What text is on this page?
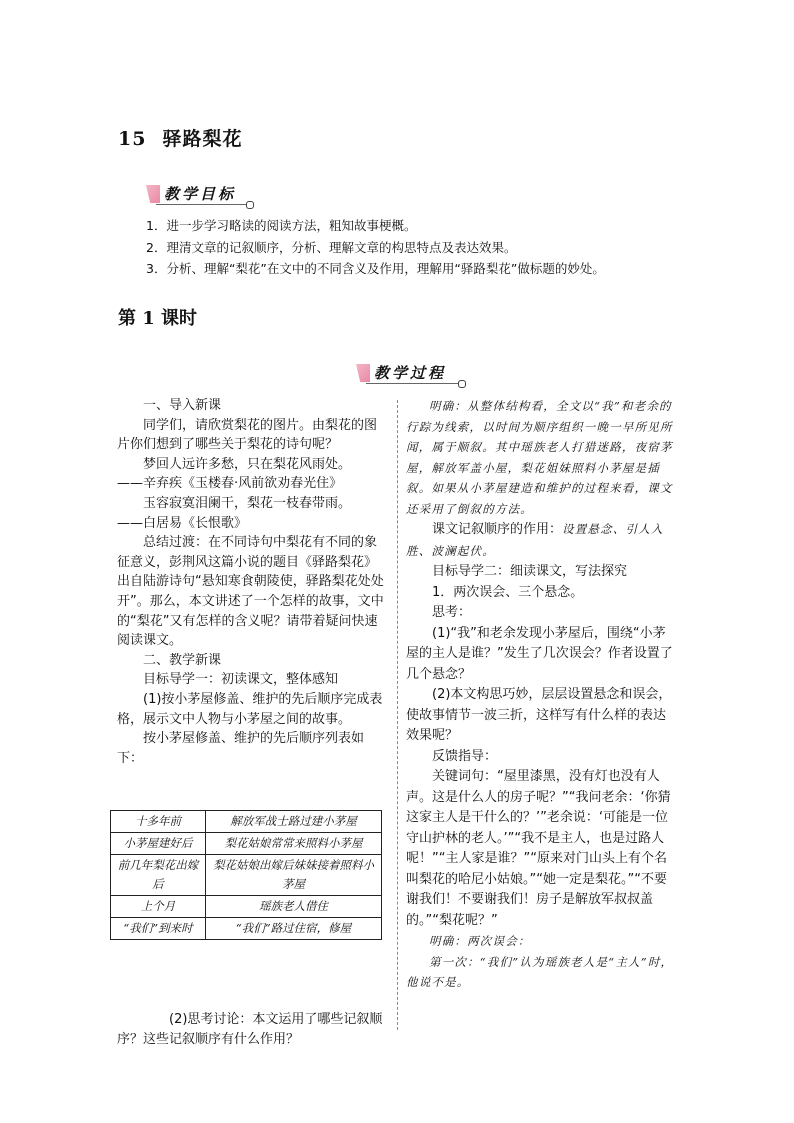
15 驿路梨花
教学目标
1．进一步学习略读的阅读方法，粗知故事梗概。
2．理清文章的记叙顺序，分析、理解文章的构思特点及表达效果。
3．分析、理解“梨花”在文中的不同含义及作用，理解用“驿路梨花”做标题的妙处。
第 1 课时
教学过程

一、导入新课

同学们，请欣赏梨花的图片。由梨花的图片你们想到了哪些关于梨花的诗句呢？

梦回人远许多愁，只在梨花风雨处。

——辛弃疾《玉楼春·风前欲劝春光住》

玉容寂寞泪阑干，梨花一枝春带雨。

——白居易《长恨歌》

总结过渡：在不同诗句中梨花有不同的象征意义，彭荆风这篇小说的题目《驿路梨花》出自陆游诗句“悬知寒食朝陵使，驿路梨花处处开”。那么，本文讲述了一个怎样的故事，文中的“梨花”又有怎样的含义呢？请带着疑问快速阅读课文。

二、教学新课

目标导学一：初读课文，整体感知

(1)按小茅屋修盖、维护的先后顺序完成表格，展示文中人物与小茅屋之间的故事。

按小茅屋修盖、维护的先后顺序列表如下：

十多年前	解放军战士路过建小茅屋
小茅屋建好后	梨花姑娘常常来照料小茅屋
前几年梨花出嫁后	梨花姑娘出嫁后妹妹接着照料小茅屋
上个月	瑶族老人借住
“我们”到来时	“我们”路过住宿，修屋

(2)思考讨论：本文运用了哪些记叙顺序？这些记叙顺序有什么作用？

明确：从整体结构看，全文以“我”和老余的行踪为线索，以时间为顺序组织一晚一早所见所闻，属于顺叙。其中瑶族老人打猎迷路，夜宿茅屋，解放军盖小屋，梨花姐妹照料小茅屋是插叙。如果从小茅屋建造和维护的过程来看，课文还采用了倒叙的方法。

课文记叙顺序的作用：设置悬念、引人入胜、波澜起伏。

目标导学二：细读课文，写法探究

1．两次误会、三个悬念。

思考：

(1)“我”和老余发现小茅屋后，围绕“小茅屋的主人是谁？”发生了几次误会？作者设置了几个悬念？

(2)本文构思巧妙，层层设置悬念和误会，使故事情节一波三折，这样写有什么样的表达效果呢？

反馈指导：

关键词句：“屋里漆黑，没有灯也没有人声。这是什么人的房子呢？”“我问老余：‘你猜这家主人是干什么的？’”老余说：‘可能是一位守山护林的老人。’”“我不是主人，也是过路人呢！”“主人家是谁？”“原来对门山头上有个名叫梨花的哈尼小姑娘。”“她一定是梨花。”“不要谢我们！不要谢我们！房子是解放军叔叔盖的。”“梨花呢？”

明确：两次误会：

第一次：“我们”认为瑶族老人是“主人”时，他说不是。
